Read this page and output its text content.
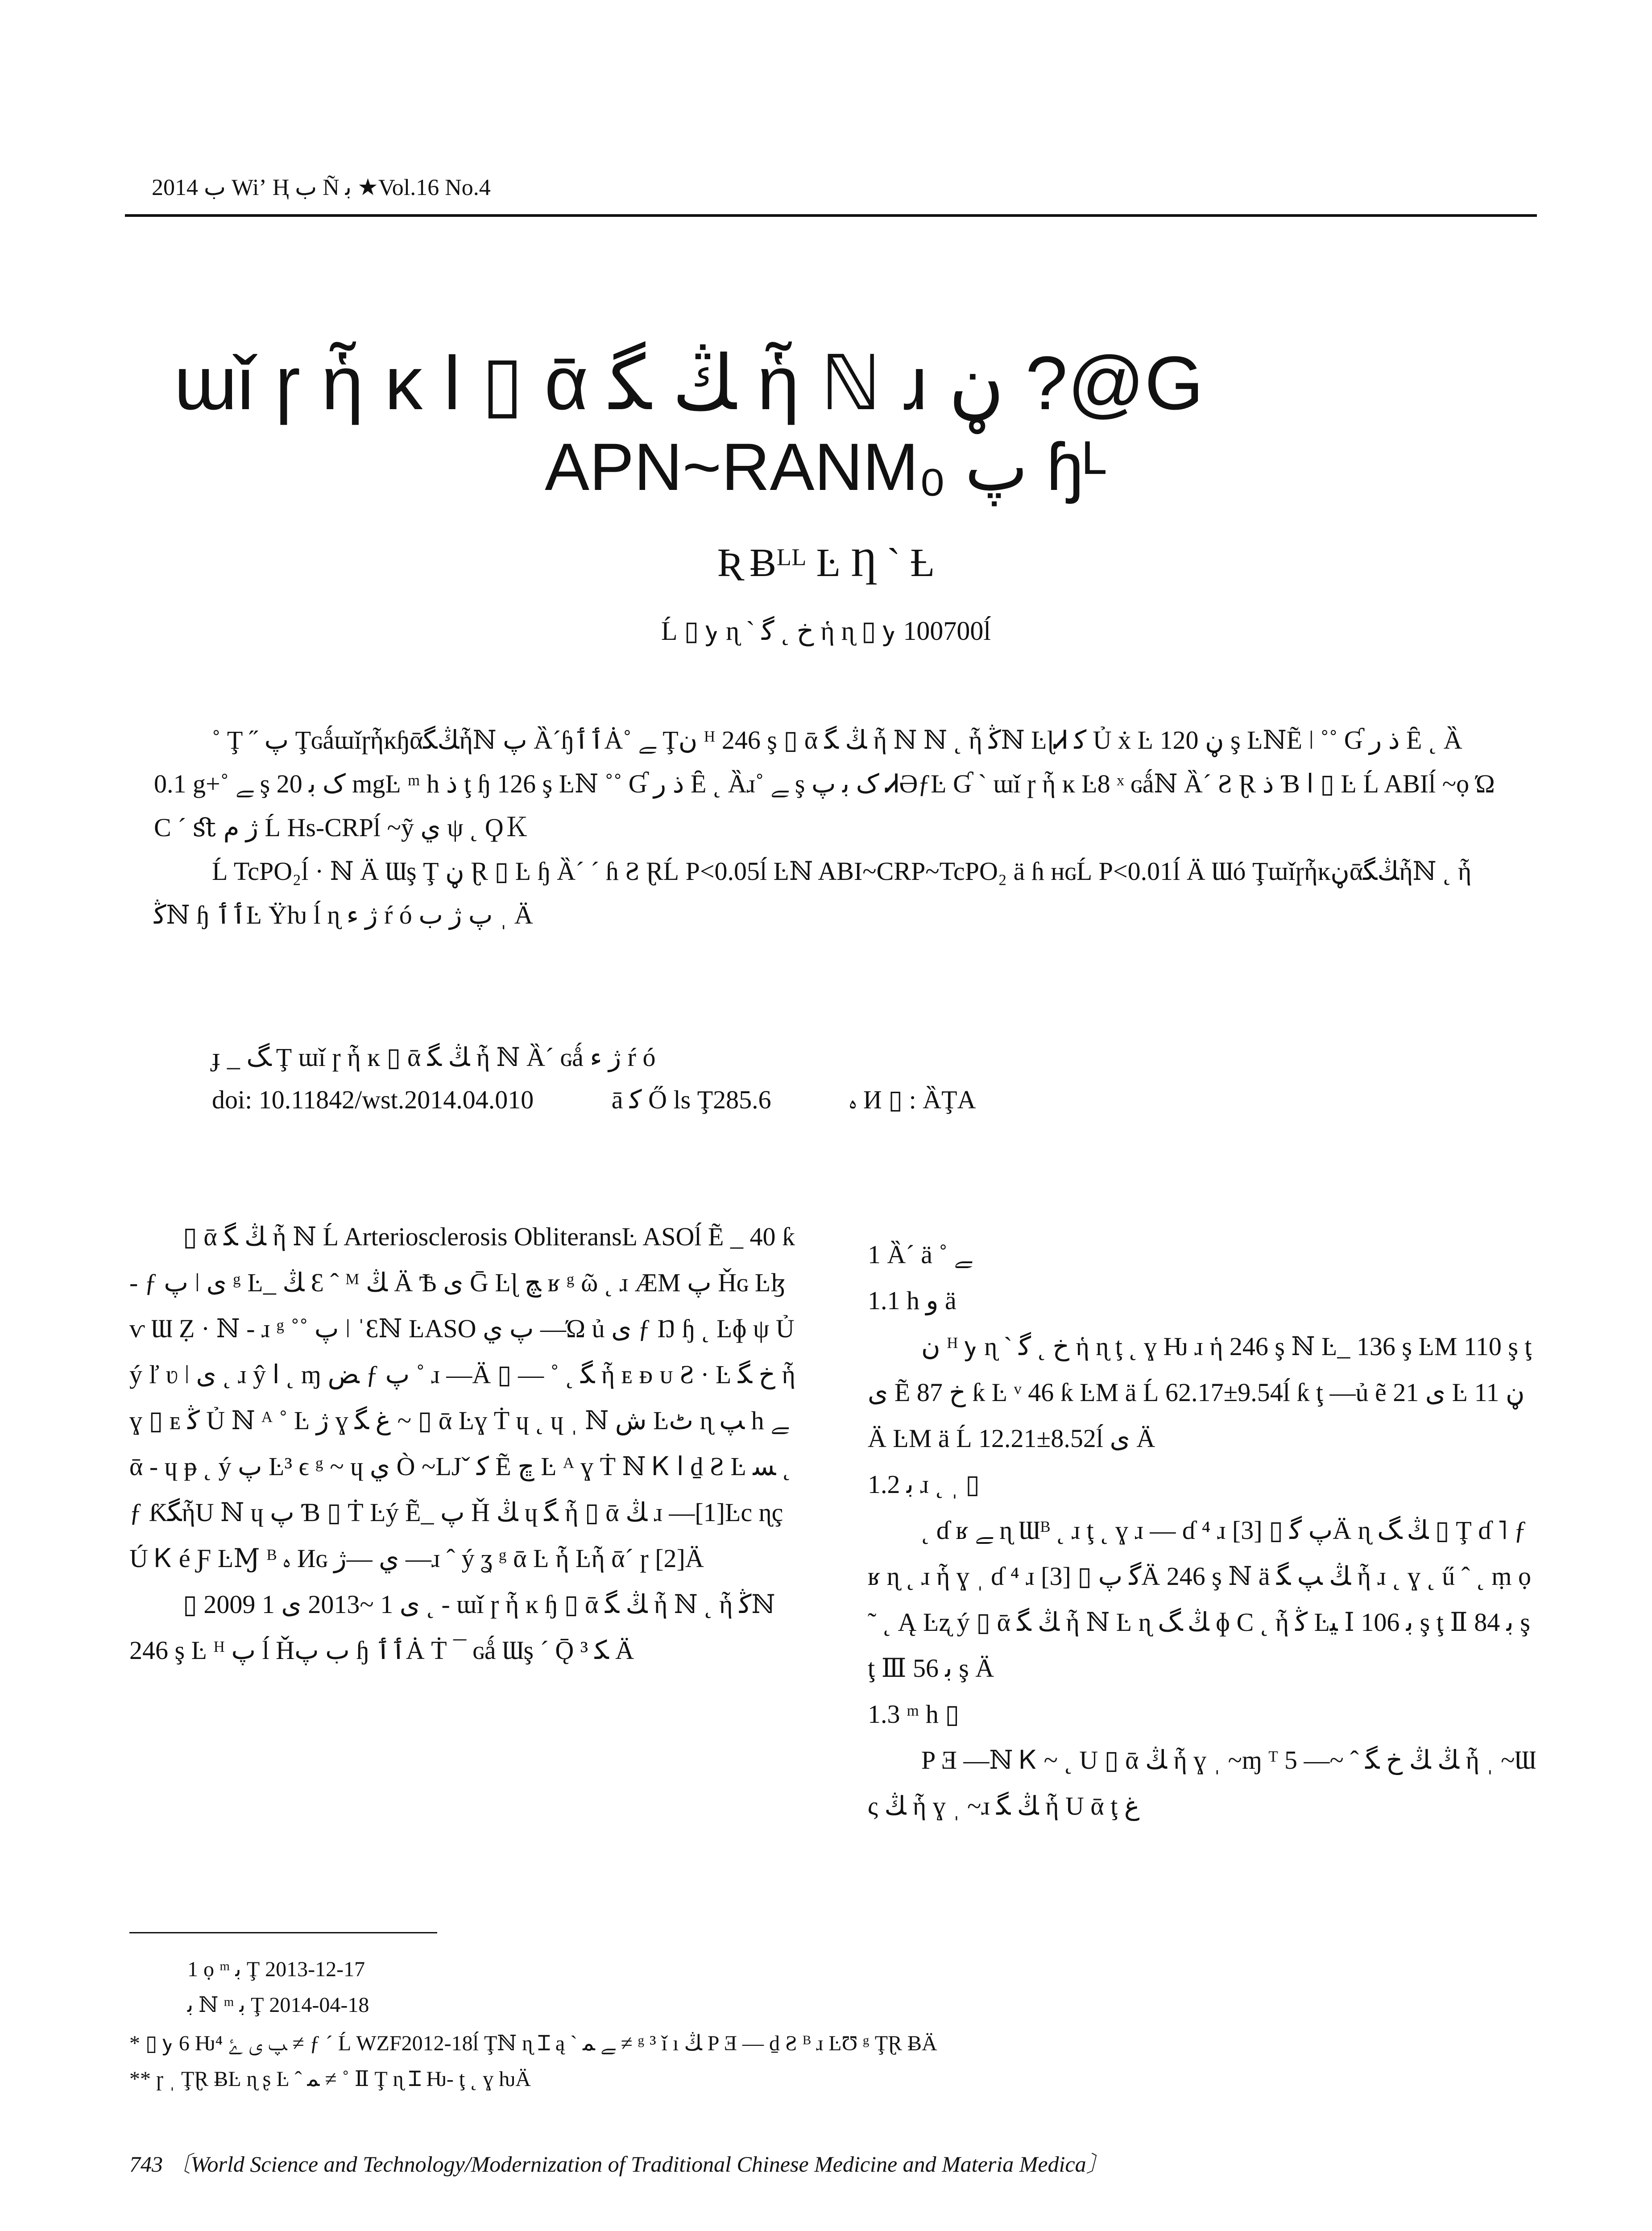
2014 ﺏ Wiʼ Ⱨ ﺏ Ñ ﺑ ★Vol.16 No.4
ɯǐ ɼ ἧ ĸ l ▯ ᾱ ﯔ ﮕ ἧ ℕ ɹ ڼ ?@G
APN~RANM₀ ﭖ ɧᴸ
Ʀ Ƀᴸᴸ Ŀ Ƞ ˋ Ƚ
Ĺ ▯ ꭚ ɳ ˋ ﺥ ˛ ﮔ ἡ ɳ ▯ ꭚ 100700ĺ

˚ Ţ ˝ ﭖ Ţɢǻɯǐɼἧĸɧᾱﯔﮕἧℕ ﭖ ȀˊɧٲٲȦ˚ ﮯ Ţن ᴴ 246 ş ▯ ᾱ ﯔ ﮕ ἧ ℕ ℕ ˛ ἧ ﯕℕ ĿɭᏗ ﮐ Ủ ẋ Ŀ ڼ 120 ş ĿℕẼ ǀ ˚˚ Ɠ ذ ر Ȇ ˛ Ȁ 0.1 g+˚ ﮯ ş ﮎ ﺑ 20 mgĿ ᵐ h ﺫ ţ ɧ 126 ş Ŀℕ ˚˚ Ɠ ذ ر Ȇ ˛ Ȁɹ˚ ﮯ ş ﮎ ﺑ ﭖ ᏗƏƒĿ Ɠ ˋ ɯǐ ɼ ἧ ĸ Ŀ8 ˣ ɢǻℕ Ȁˊ Ƨ Ɽ ﺫ Ɓ ﺍ ▯ Ŀ Ĺ ABIĺ ~ọ Ώ C ˊ ﬆ ژ م Ĺ Hs-CRPĺ ~ỹ ي ψ ˛ ϘＫ

Ĺ TcPO₂ĺ · ℕ Ä Ɯş Ţ ڼ Ɽ ▯ Ŀ ɧ Ȁˊ ˊ ɦ Ƨ ⱤĹ P<0.05ĺ Ŀℕ ABI~CRP~TcPO₂ ä ɦ ʜɢĹ P<0.01ĺ Ä Ɯó Ţɯǐɼἧĸڼᾱﯔﮕἧℕ ˛ ἧ ﯕℕ ɧ ٲٲĿ Ÿƕ ĺ ɳ ژ ﺀ ŕ ó ﭖ ژ ﺏ ˌ Ä

ɟ _ ﮓ Ţ ɯǐ ɼ ἧ ĸ ▯ ᾱ ﯔ ﮕ ἧ ℕ Ȁˊ ɢǻ ژ ﺀ ŕ ó
doi: 10.11842/wst.2014.04.010	ā ﮐ Ő ls Ţ285.6	ﮦ И ▯ : ȀŢA

▯ ᾱ ﯔ ﮕ ἧ ℕ Ĺ Arteriosclerosis ObliteransĿ ASOĺ Ẽ _ 40 ƙ - ƒ ﭖ ǀ ى ᵍ Ŀ_ ﯔ Ɛ ˆ ᴹ ﯔ Ä Ѣ ى Ḡ Ŀɭ ﭻ ʁ ᵍ ῶ ˛ ɹ ÆM ﭖ Ȟɢ Ŀɮ ⱱ Ɯ Ẓ · ℕ - ɹ ᵍ ˚˚ ﭖ ǀ ˈƐℕ ĿASO ﭖ ي —Ώ ủ ى ƒ Ŋ ɧ ˛ Ŀɸ ψ Ủ ý ľ ʋ ǀ ى ˛ ɹ ŷ ﺍ ˛ ɱ ﺾ ƒ ﭖ ˚ ɹ —Ä ▯ — ˚ ˛ ﮕ ἧ ᴇ ᴆ ᴜ Ƨ · Ŀ ﺥ ﮕ ἧ ɣ ▯ ᴇ ﯕ Ủ ℕ ᴬ ˚ Ŀ ژ ɣ ﻍ ﮕ ~ ▯ ᾱ Ŀɣ Ṫ ɥ ˛ ɥ ˌ ℕ ﺵ Ŀﭦ ɳ ﭗ h ﮯ ᾱ - ɥ ᵽ ˛ ý ﭖ Ŀ³ ϵ ᵍ ~ ɥ ي Ò ~LJˇ ﮐ Ẽ ﭾ Ŀ ᴬ ɣ Ṫ ℕ Ꮶ ﺍ ḏ Ƨ Ŀ ﺴ ˛ ƒ ƘﮕἧU ℕ ɥ ﭖ Ɓ ▯ Ṫ Ŀý Ẽ_ ﭖ Ȟ ﯔ ɥ ﮕ ἧ ▯ ᾱ ﯔ ɹ —[1]Ŀc ɳç Ú Ꮶ é Ƒ ĿⱮ ᴮ ﮦ Иɢ ي —ژ —ɹ ˆ ý ʓ ᵍ ᾱ Ŀ ἧ Ŀἧ ᾱˊ ɼ [2]Ä

▯ 2009 ى 1 ~2013 ى 1 ˛ - ɯǐ ɼ ἧ ĸ ɧ ▯ ᾱ ﯔ ﮕ ἧ ℕ ˛ ἧ ﯕℕ 246 ş Ŀ ᴴ ﭖ ĺ Ȟﺏ ﭖ ɧ ٲٲȦ Ṫ ¯ ɢǻ Ɯş ˊ Ǭ ³ ﮑ Ä

1 Ȁˊ ä ˚ ﮯ

1.1 h و ä

ن ᴴ ꭚ ɳ ˋ ﺥ ˛ ﮔ ἡ ɳ ţ ˛ ɣ Ƕ ɹ ἡ 246 ş ℕ Ŀ_ 136 ş ĿM 110 ş ţ ى Ẽ ﺥ 87 ƙ Ŀ ᵛ 46 ƙ ĿM ä Ĺ 62.17±9.54ĺ ƙ ţ —ủ ẽ 21 ى Ŀ ڼ 11 Ä ĿM ä Ĺ 12.21±8.52ĺ ى Ä

1.2 ﺑ ɹ ˛ ˌ ▯

˛ ɗ ʁ ﮯ ɳ Ɯᴮ ˛ ɹ ţ ˛ ɣ ɹ — ɗ ⁴ ɹ ﭖ ﮔ ▯ [3]Ä ɳ ﯔ ﮓ ▯ Ţ ɗ ˥ ƒ ʁ ɳ ˛ ɹ ἧ ɣ ˌ ɗ ⁴ ɹ ﮔ ﭖ ▯ [3]Ä 246 ş ℕ ä ﯔ ﭗ ﮕ ἧ ɹ ˛ ɣ ˛ ű ˆ ˛ ṃ ọ ˜ ˛ Ą Ŀʐ ý ▯ ᾱ ﯔ ﮕ ἧ ℕ Ŀ ɳ ﯔ ﮓ ɸ C ˛ ἧ ﯕ Ŀﯿ Ⅰ ﺑ 106 ş ţ Ⅱ ﺑ 84 ş ţ Ⅲ ﺑ 56 ş Ä

1.3 ᵐ h ▯

P Ǝ —ℕ Ꮶ ~ ˛ U ▯ ᾱ ﯔ ἧ ɣ ˌ ~ɱ ᵀ 5 —~ ˆ ﯔ ﯔ ﺥ ﮕ ἧ ˌ ~Ɯ ς ﯔ ἧ ɣ ˌ ~ɹ ﯔ ﮕ ἧ U ᾱ ţ ﻍ

1 ọ ᵐ ﺑ Ţ 2013-12-17
ﺑ ℕ ᵐ ﺑ Ţ 2014-04-18
* ▯ ꭚ 6 Ƕ⁴ ﭗ ى ﮰ ≠ ƒ ˊ Ĺ WZF2012-18ĺ Ţℕ ɳ Ɪ ą ˋ ﮯ ﻤ ≠ ᵍ ³ ǐ ı ﯔ P Ǝ — ḏ Ƨ ᴮ ɹ ĿƱ ᵍ ŢⱤ ɃÄ
** ɼ ˌ ŢⱤ ɃĿ ɳ ʂ Ŀ ˆ ﻤ ≠ ˚ Ⅱ Ţ ɳ Ɪ Ƕ- ţ ˛ ɣ ƕÄ
743 〔World Science and Technology/Modernization of Traditional Chinese Medicine and Materia Medica〕
